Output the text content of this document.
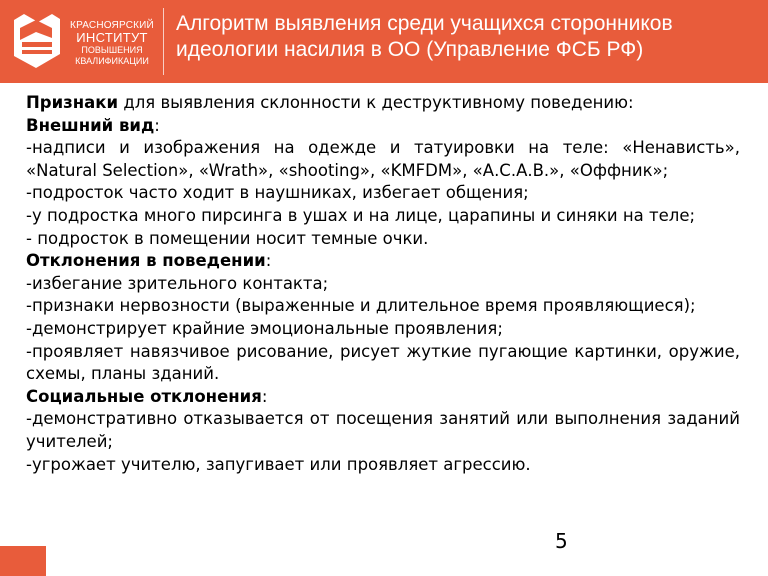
КРАСНОЯРСКИЙ
ИНСТИТУТ
ПОВЫШЕНИЯ
КВАЛИФИКАЦИИ
Алгоритм выявления среди учащихся сторонников
идеологии насилия в ОО (Управление ФСБ РФ)

Признаки для выявления склонности к деструктивному поведению:

Внешний вид:

-надписи и изображения на одежде и татуировки на теле: «Ненависть», «Natural Selection», «Wrath», «shooting», «KMFDM», «А.С.А.В.», «Оффник»;

-подросток часто ходит в наушниках, избегает общения;

-у подростка много пирсинга в ушах и на лице, царапины и синяки на теле;

- подросток в помещении носит темные очки.

Отклонения в поведении:

-избегание зрительного контакта;

-признаки нервозности (выраженные и длительное время проявляющиеся);

-демонстрирует крайние эмоциональные проявления;

-проявляет навязчивое рисование, рисует жуткие пугающие картинки, оружие, схемы, планы зданий.

Социальные отклонения:

-демонстративно отказывается от посещения занятий или выполнения заданий учителей;

-угрожает учителю, запугивает или проявляет агрессию.

5
